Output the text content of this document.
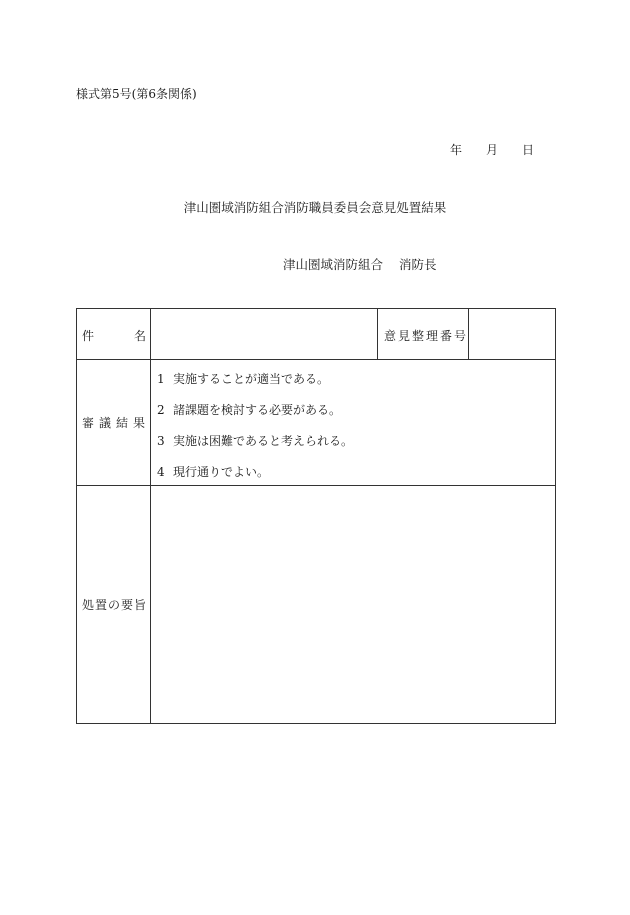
様式第5号(第6条関係)
年 月 日
津山圏域消防組合消防職員委員会意見処置結果
津山圏域消防組合 消防長
件	名	意見整理番号
審議結果
1 実施することが適当である。
2 諸課題を検討する必要がある。
3 実施は困難であると考えられる。
4 現行通りでよい。
処置の要旨
